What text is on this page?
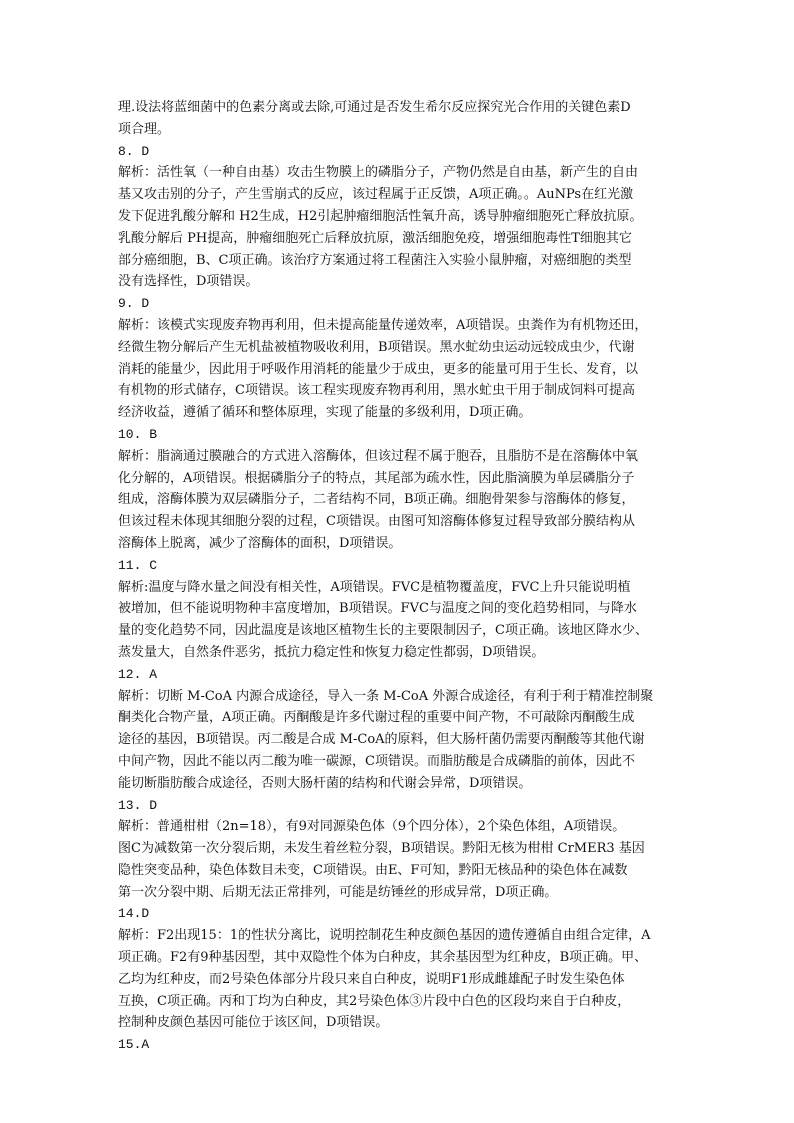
理.设法将蓝细菌中的色素分离或去除,可通过是否发生希尔反应探究光合作用的关键色素D
项合理。
8. D
解析：活性氧（一种自由基）攻击生物膜上的磷脂分子，产物仍然是自由基，新产生的自由
基又攻击别的分子，产生雪崩式的反应，该过程属于正反馈，A项正确。。AuNPs在红光激
发下促进乳酸分解和 H2生成，H2引起肿瘤细胞活性氧升高，诱导肿瘤细胞死亡释放抗原。
乳酸分解后 PH提高，肿瘤细胞死亡后释放抗原，激活细胞免疫，增强细胞毒性T细胞其它
部分癌细胞，B、C项正确。该治疗方案通过将工程菌注入实验小鼠肿瘤，对癌细胞的类型
没有选择性，D项错误。
9. D
解析：该模式实现废弃物再利用，但未提高能量传递效率，A项错误。虫粪作为有机物还田，
经微生物分解后产生无机盐被植物吸收利用，B项错误。黑水虻幼虫运动远较成虫少，代谢
消耗的能量少，因此用于呼吸作用消耗的能量少于成虫，更多的能量可用于生长、发育，以
有机物的形式储存，C项错误。该工程实现废弃物再利用，黑水虻虫干用于制成饲料可提高
经济收益，遵循了循环和整体原理，实现了能量的多级利用，D项正确。
10. B
解析：脂滴通过膜融合的方式进入溶酶体，但该过程不属于胞吞，且脂肪不是在溶酶体中氧
化分解的，A项错误。根据磷脂分子的特点，其尾部为疏水性，因此脂滴膜为单层磷脂分子
组成，溶酶体膜为双层磷脂分子，二者结构不同，B项正确。细胞骨架参与溶酶体的修复，
但该过程未体现其细胞分裂的过程，C项错误。由图可知溶酶体修复过程导致部分膜结构从
溶酶体上脱离，减少了溶酶体的面积，D项错误。
11. C
解析:温度与降水量之间没有相关性，A项错误。FVC是植物覆盖度，FVC上升只能说明植
被增加，但不能说明物种丰富度增加，B项错误。FVC与温度之间的变化趋势相同，与降水
量的变化趋势不同，因此温度是该地区植物生长的主要限制因子，C项正确。该地区降水少、
蒸发量大，自然条件恶劣，抵抗力稳定性和恢复力稳定性都弱，D项错误。
12. A
解析：切断 M-CoA 内源合成途径，导入一条 M-CoA 外源合成途径，有利于利于精准控制聚
酮类化合物产量，A项正确。丙酮酸是许多代谢过程的重要中间产物，不可敲除丙酮酸生成
途径的基因，B项错误。丙二酸是合成 M-CoA的原料，但大肠杆菌仍需要丙酮酸等其他代谢
中间产物，因此不能以丙二酸为唯一碳源，C项错误。而脂肪酸是合成磷脂的前体，因此不
能切断脂肪酸合成途径，否则大肠杆菌的结构和代谢会异常，D项错误。
13. D
解析：普通柑柑（2n=18），有9对同源染色体（9个四分体），2个染色体组，A项错误。
图C为减数第一次分裂后期，未发生着丝粒分裂，B项错误。黔阳无核为柑柑 CrMER3 基因
隐性突变品种，染色体数目未变，C项错误。由E、F可知，黔阳无核品种的染色体在减数
第一次分裂中期、后期无法正常排列，可能是纺锤丝的形成异常，D项正确。
14.D
解析：F2出现15：1的性状分离比，说明控制花生种皮颜色基因的遗传遵循自由组合定律，A
项正确。F2有9种基因型，其中双隐性个体为白种皮，其余基因型为红种皮，B项正确。甲、
乙均为红种皮，而2号染色体部分片段只来自白种皮，说明F1形成雌雄配子时发生染色体
互换，C项正确。丙和丁均为白种皮，其2号染色体③片段中白色的区段均来自于白种皮，
控制种皮颜色基因可能位于该区间，D项错误。
15.A
